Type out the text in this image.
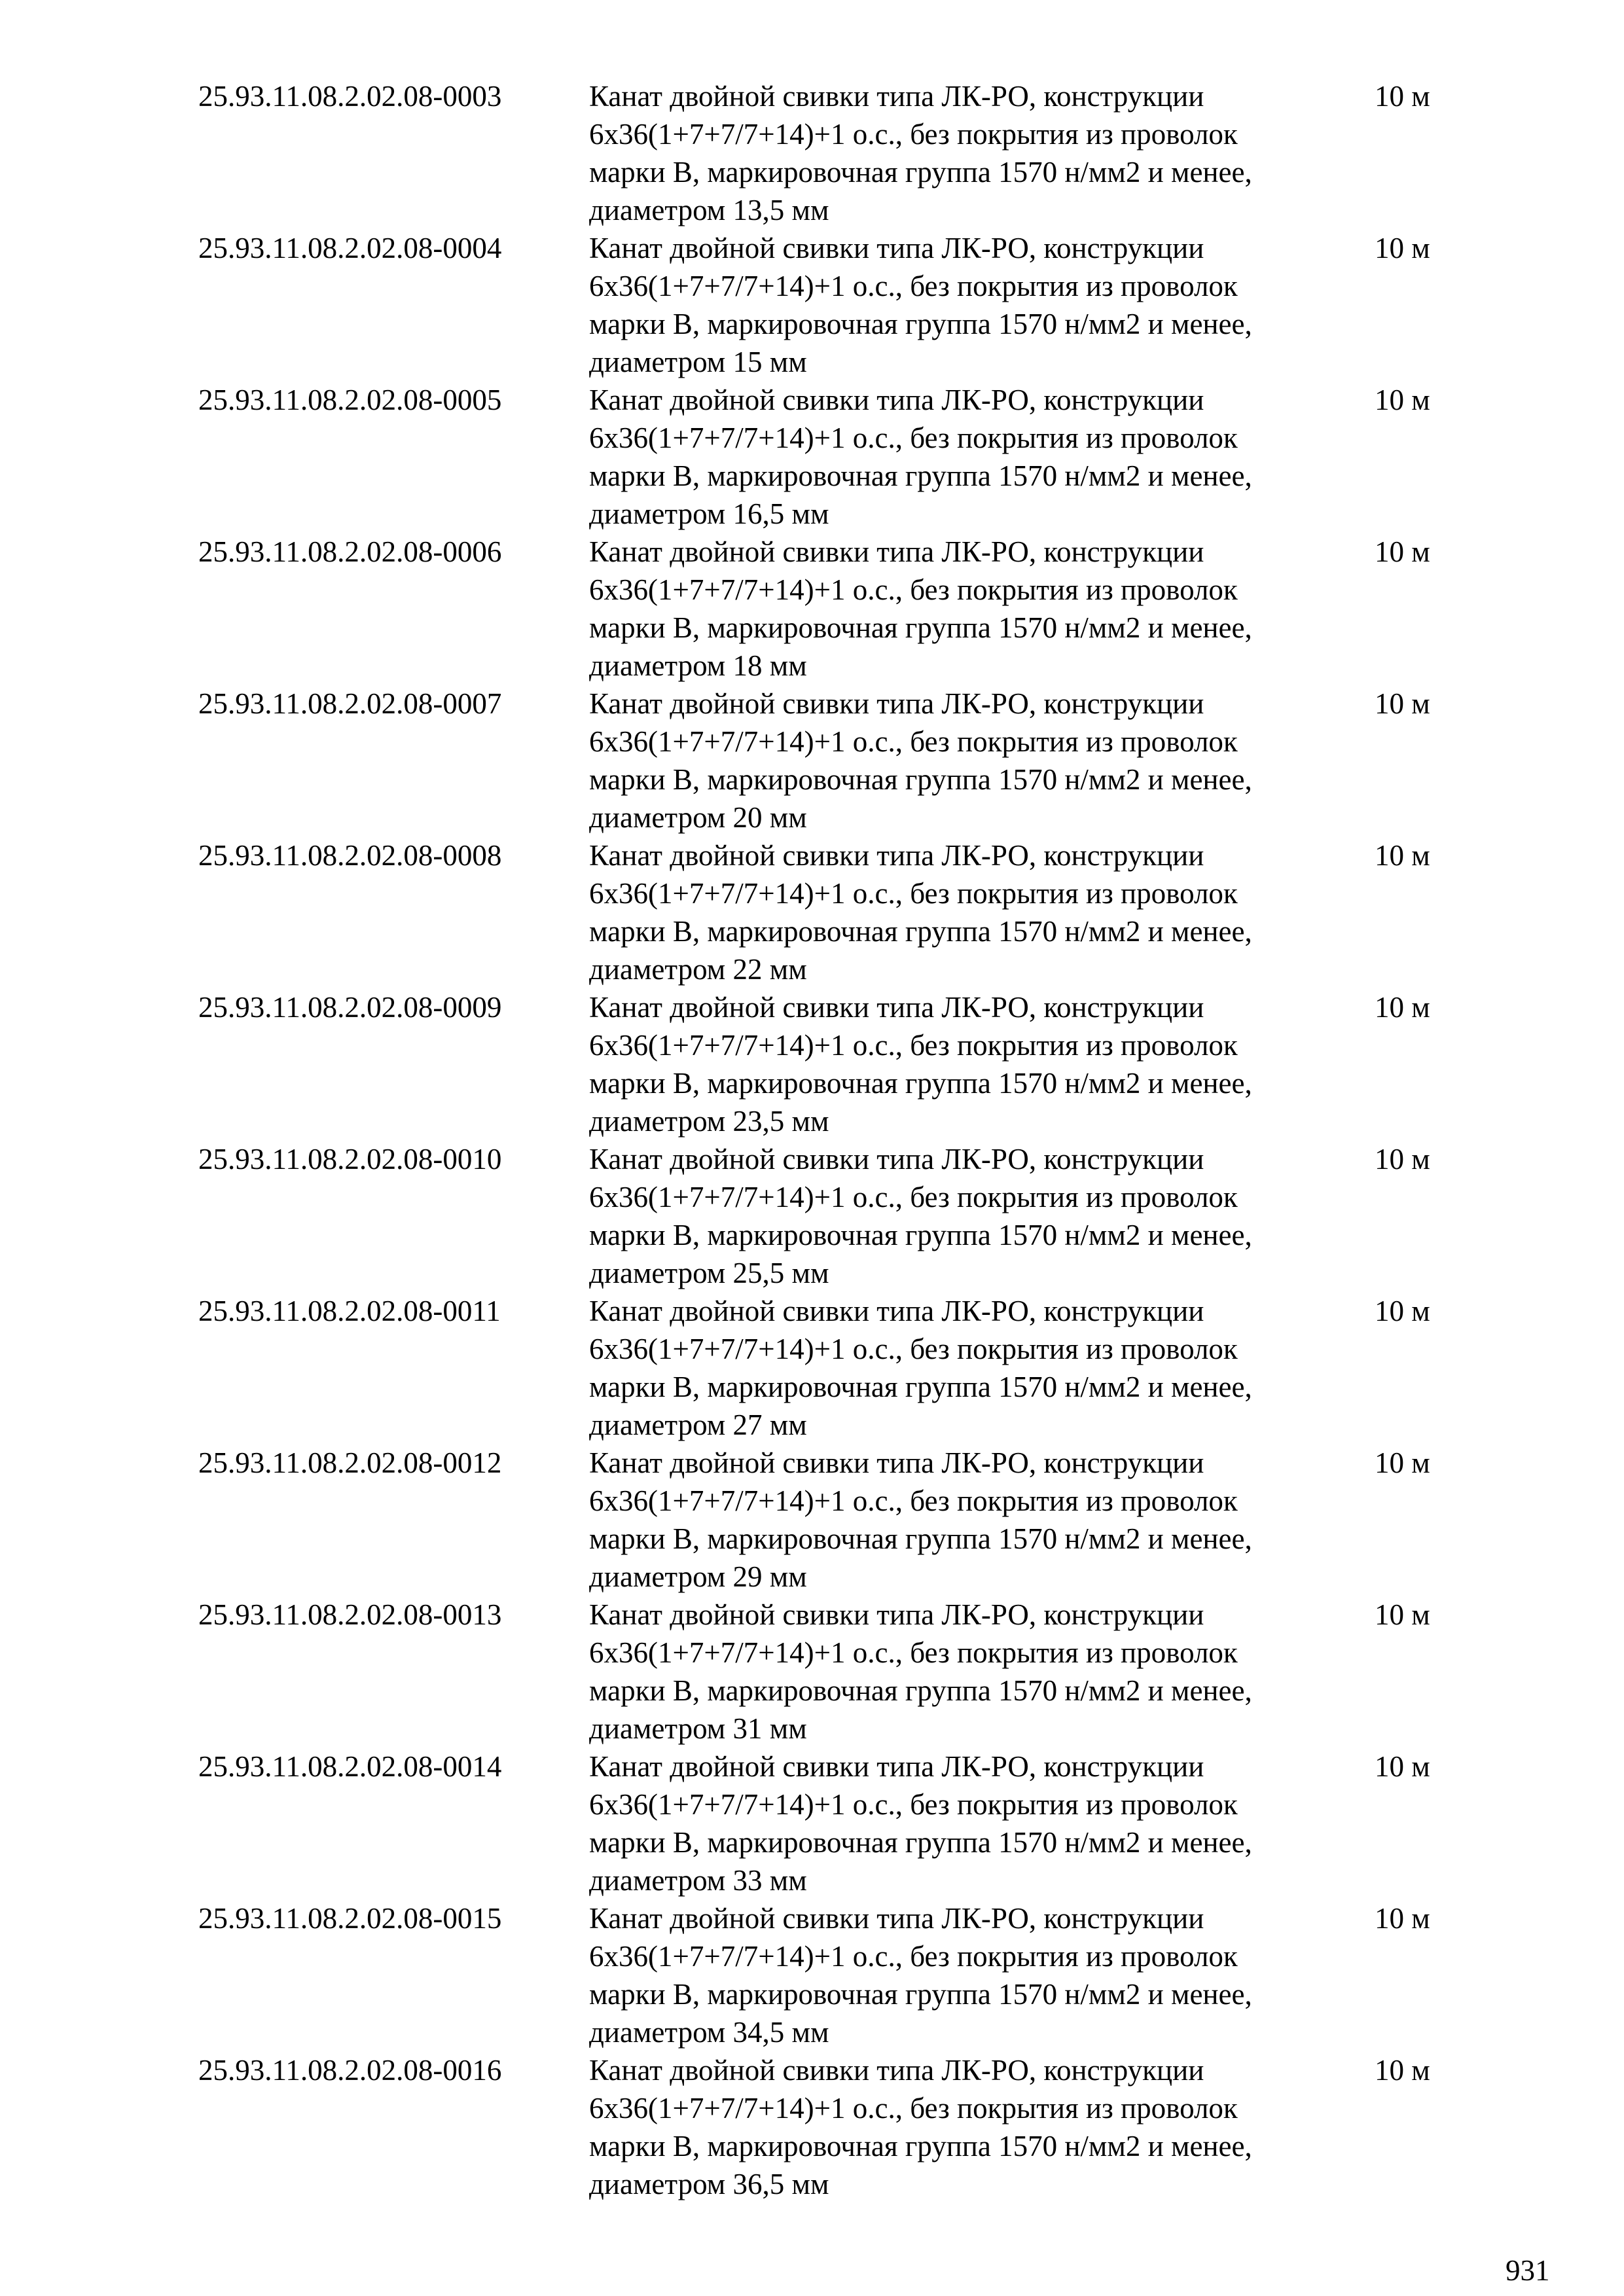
25.93.11.08.2.02.08-0003	Канат двойной свивки типа ЛК-РО, конструкции
6х36(1+7+7/7+14)+1 о.с., без покрытия из проволок
марки В, маркировочная группа 1570 н/мм2 и менее,
диаметром 13,5 мм
10 м
25.93.11.08.2.02.08-0004	Канат двойной свивки типа ЛК-РО, конструкции
6х36(1+7+7/7+14)+1 о.с., без покрытия из проволок
марки В, маркировочная группа 1570 н/мм2 и менее,
диаметром 15 мм
10 м
25.93.11.08.2.02.08-0005	Канат двойной свивки типа ЛК-РО, конструкции
6х36(1+7+7/7+14)+1 о.с., без покрытия из проволок
марки В, маркировочная группа 1570 н/мм2 и менее,
диаметром 16,5 мм
10 м
25.93.11.08.2.02.08-0006	Канат двойной свивки типа ЛК-РО, конструкции
6х36(1+7+7/7+14)+1 о.с., без покрытия из проволок
марки В, маркировочная группа 1570 н/мм2 и менее,
диаметром 18 мм
10 м
25.93.11.08.2.02.08-0007	Канат двойной свивки типа ЛК-РО, конструкции
6х36(1+7+7/7+14)+1 о.с., без покрытия из проволок
марки В, маркировочная группа 1570 н/мм2 и менее,
диаметром 20 мм
10 м
25.93.11.08.2.02.08-0008	Канат двойной свивки типа ЛК-РО, конструкции
6х36(1+7+7/7+14)+1 о.с., без покрытия из проволок
марки В, маркировочная группа 1570 н/мм2 и менее,
диаметром 22 мм
10 м
25.93.11.08.2.02.08-0009	Канат двойной свивки типа ЛК-РО, конструкции
6х36(1+7+7/7+14)+1 о.с., без покрытия из проволок
марки В, маркировочная группа 1570 н/мм2 и менее,
диаметром 23,5 мм
10 м
25.93.11.08.2.02.08-0010	Канат двойной свивки типа ЛК-РО, конструкции
6х36(1+7+7/7+14)+1 о.с., без покрытия из проволок
марки В, маркировочная группа 1570 н/мм2 и менее,
диаметром 25,5 мм
10 м
25.93.11.08.2.02.08-0011	Канат двойной свивки типа ЛК-РО, конструкции
6х36(1+7+7/7+14)+1 о.с., без покрытия из проволок
марки В, маркировочная группа 1570 н/мм2 и менее,
диаметром 27 мм
10 м
25.93.11.08.2.02.08-0012	Канат двойной свивки типа ЛК-РО, конструкции
6х36(1+7+7/7+14)+1 о.с., без покрытия из проволок
марки В, маркировочная группа 1570 н/мм2 и менее,
диаметром 29 мм
10 м
25.93.11.08.2.02.08-0013	Канат двойной свивки типа ЛК-РО, конструкции
6х36(1+7+7/7+14)+1 о.с., без покрытия из проволок
марки В, маркировочная группа 1570 н/мм2 и менее,
диаметром 31 мм
10 м
25.93.11.08.2.02.08-0014	Канат двойной свивки типа ЛК-РО, конструкции
6х36(1+7+7/7+14)+1 о.с., без покрытия из проволок
марки В, маркировочная группа 1570 н/мм2 и менее,
диаметром 33 мм
10 м
25.93.11.08.2.02.08-0015	Канат двойной свивки типа ЛК-РО, конструкции
6х36(1+7+7/7+14)+1 о.с., без покрытия из проволок
марки В, маркировочная группа 1570 н/мм2 и менее,
диаметром 34,5 мм
10 м
25.93.11.08.2.02.08-0016	Канат двойной свивки типа ЛК-РО, конструкции
6х36(1+7+7/7+14)+1 о.с., без покрытия из проволок
марки В, маркировочная группа 1570 н/мм2 и менее,
диаметром 36,5 мм
10 м
931
